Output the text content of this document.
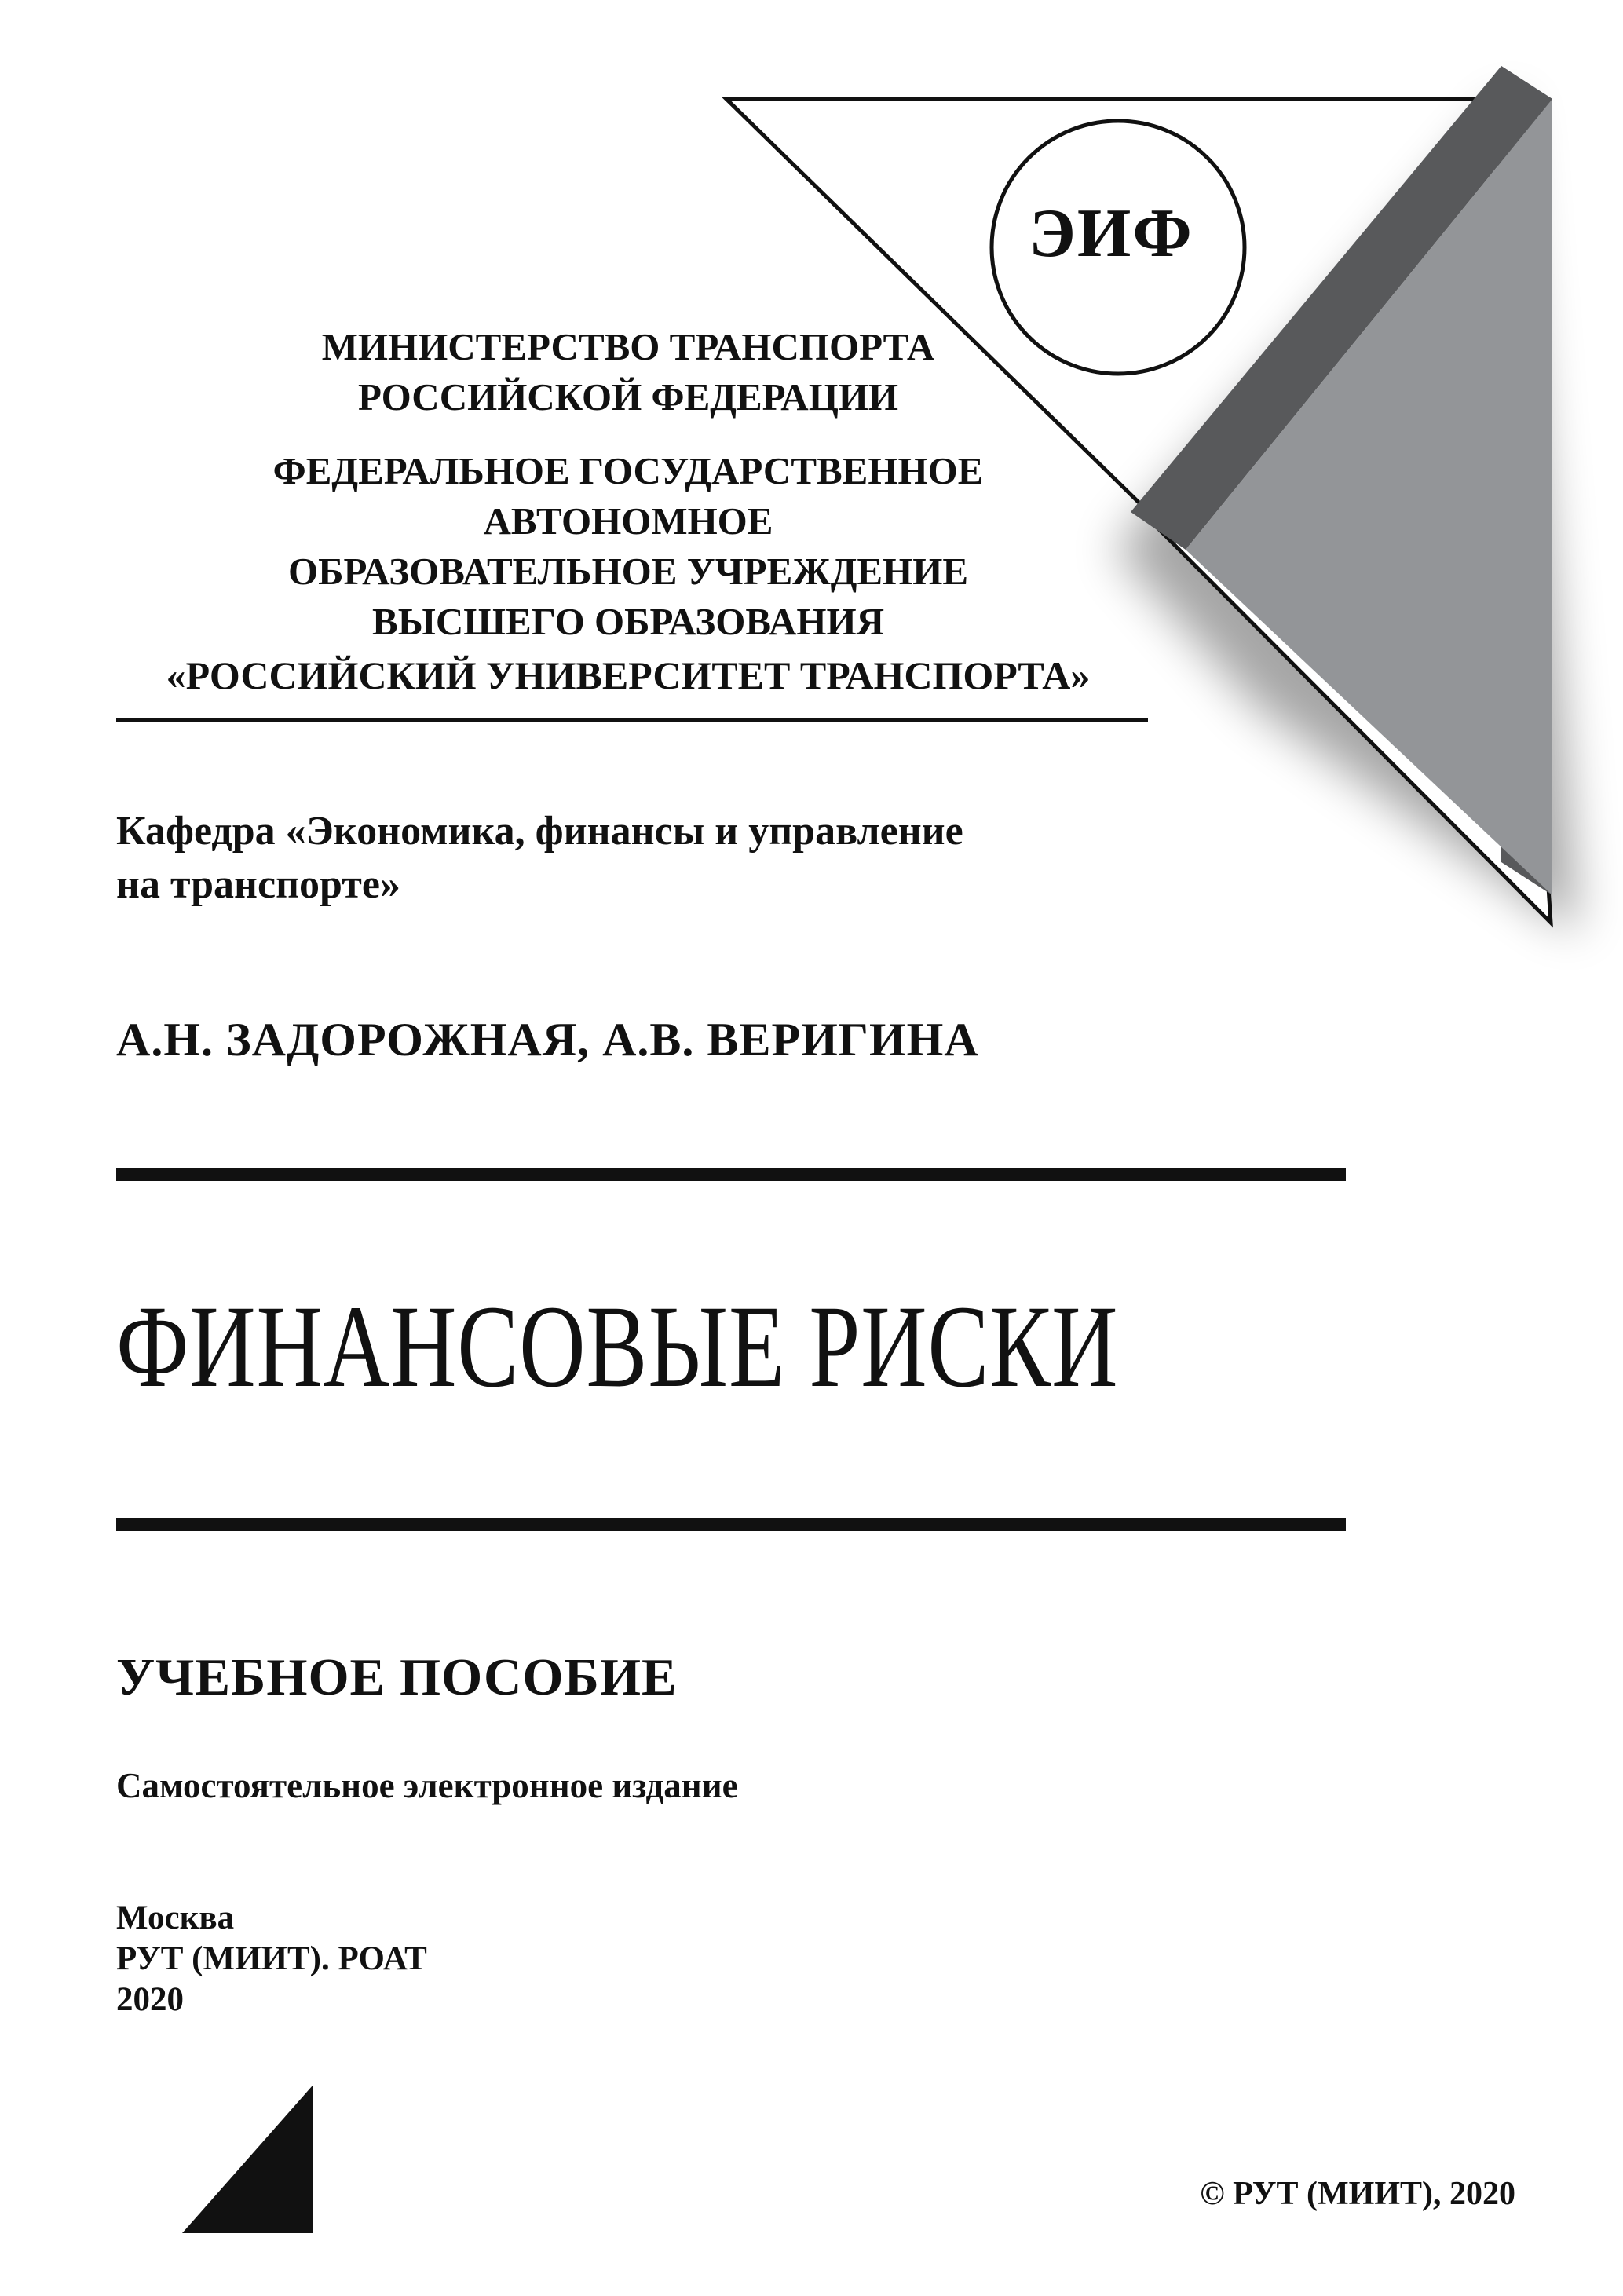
ЭИФ
МИНИСТЕРСТВО ТРАНСПОРТА
РОССИЙСКОЙ ФЕДЕРАЦИИ
ФЕДЕРАЛЬНОЕ ГОСУДАРСТВЕННОЕ
АВТОНОМНОЕ
ОБРАЗОВАТЕЛЬНОЕ УЧРЕЖДЕНИЕ
ВЫСШЕГО ОБРАЗОВАНИЯ
«РОССИЙСКИЙ УНИВЕРСИТЕТ ТРАНСПОРТА»
Кафедра «Экономика, финансы и управление
на транспорте»
А.Н. ЗАДОРОЖНАЯ, А.В. ВЕРИГИНА
ФИНАНСОВЫЕ РИСКИ
УЧЕБНОЕ ПОСОБИЕ
Самостоятельное электронное издание
Москва
РУТ (МИИТ). РОАТ
2020
© РУТ (МИИТ), 2020
